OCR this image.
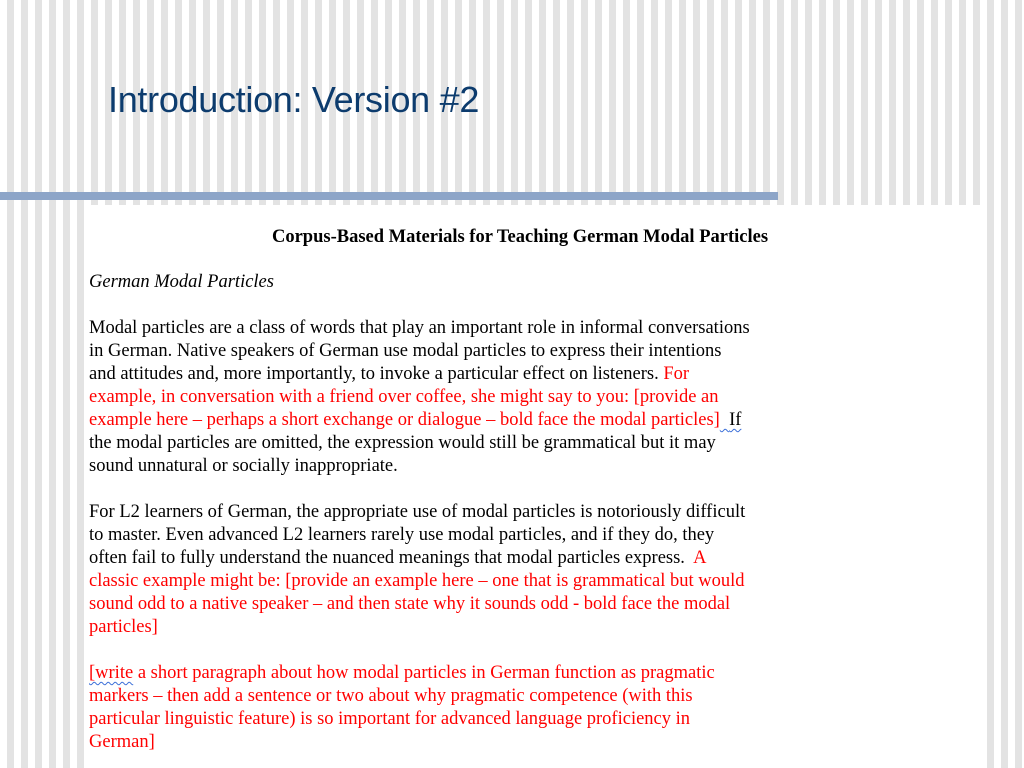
Introduction: Version #2

Corpus-Based Materials for Teaching German Modal Particles

German Modal Particles

Modal particles are a class of words that play an important role in informal conversations
in German. Native speakers of German use modal particles to express their intentions
and attitudes and, more importantly, to invoke a particular effect on listeners. For
example, in conversation with a friend over coffee, she might say to you: [provide an
example here – perhaps a short exchange or dialogue – bold face the modal particles] If
the modal particles are omitted, the expression would still be grammatical but it may
sound unnatural or socially inappropriate.

For L2 learners of German, the appropriate use of modal particles is notoriously difficult
to master. Even advanced L2 learners rarely use modal particles, and if they do, they
often fail to fully understand the nuanced meanings that modal particles express.  A
classic example might be: [provide an example here – one that is grammatical but would
sound odd to a native speaker – and then state why it sounds odd - bold face the modal
particles]

[write a short paragraph about how modal particles in German function as pragmatic
markers – then add a sentence or two about why pragmatic competence (with this
particular linguistic feature) is so important for advanced language proficiency in
German]
